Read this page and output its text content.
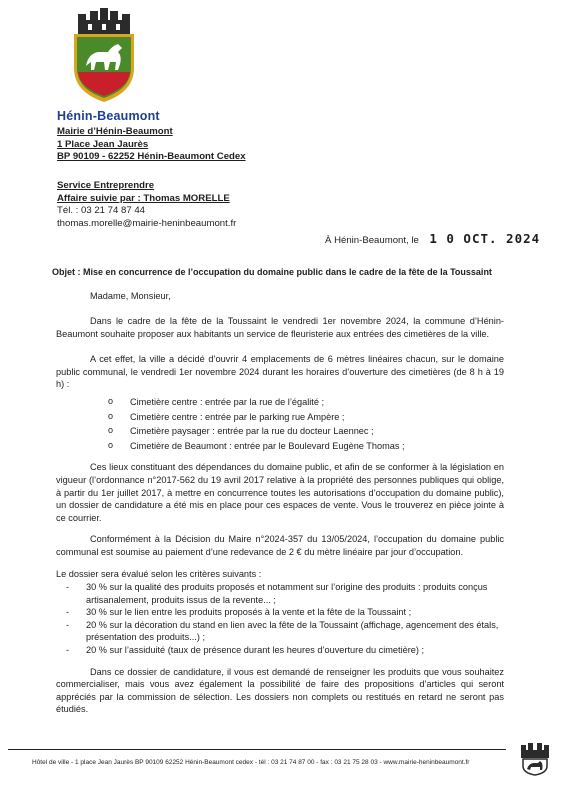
Hénin-Beaumont
Mairie d’Hénin-Beaumont
1 Place Jean Jaurès
BP 90109 - 62252 Hénin-Beaumont Cedex
Service Entreprendre
Affaire suivie par : Thomas MORELLE
Tél. : 03 21 74 87 44
thomas.morelle@mairie-heninbeaumont.fr
À Hénin-Beaumont, le 1 0 OCT. 2024
Objet : Mise en concurrence de l’occupation du domaine public dans le cadre de la fête de la Toussaint
Madame, Monsieur,

Dans le cadre de la fête de la Toussaint le vendredi 1er novembre 2024, la commune d’Hénin-Beaumont souhaite proposer aux habitants un service de fleuristerie aux entrées des cimetières de la ville.

A cet effet, la ville a décidé d’ouvrir 4 emplacements de 6 mètres linéaires chacun, sur le domaine public communal, le vendredi 1er novembre 2024 durant les horaires d’ouverture des cimetières (de 8 h à 19 h) :

o Cimetière centre : entrée par la rue de l’égalité ;
o Cimetière centre : entrée par le parking rue Ampère ;
o Cimetière paysager : entrée par la rue du docteur Laennec ;
o Cimetière de Beaumont : entrée par le Boulevard Eugène Thomas ;

Ces lieux constituant des dépendances du domaine public, et afin de se conformer à la législation en vigueur (l’ordonnance n°2017-562 du 19 avril 2017 relative à la propriété des personnes publiques qui oblige, à partir du 1er juillet 2017, à mettre en concurrence toutes les autorisations d’occupation du domaine public), un dossier de candidature a été mis en place pour ces espaces de vente. Vous le trouverez en pièce jointe à ce courrier.

Conformément à la Décision du Maire n°2024-357 du 13/05/2024, l’occupation du domaine public communal est soumise au paiement d’une redevance de 2 € du mètre linéaire par jour d’occupation.

Le dossier sera évalué selon les critères suivants :

- 30 % sur la qualité des produits proposés et notamment sur l’origine des produits : produits conçus artisanalement, produits issus de la revente... ;
- 30 % sur le lien entre les produits proposés à la vente et la fête de la Toussaint ;
- 20 % sur la décoration du stand en lien avec la fête de la Toussaint (affichage, agencement des étals, présentation des produits...) ;
- 20 % sur l’assiduité (taux de présence durant les heures d’ouverture du cimetière) ;

Dans ce dossier de candidature, il vous est demandé de renseigner les produits que vous souhaitez commercialiser, mais vous avez également la possibilité de faire des propositions d’articles qui seront appréciés par la commission de sélection. Les dossiers non complets ou restitués en retard ne seront pas étudiés.

Hôtel de ville - 1 place Jean Jaurès BP 90109 62252 Hénin-Beaumont cedex - tél : 03 21 74 87 00 - fax : 03 21 75 28 03 - www.mairie-heninbeaumont.fr
